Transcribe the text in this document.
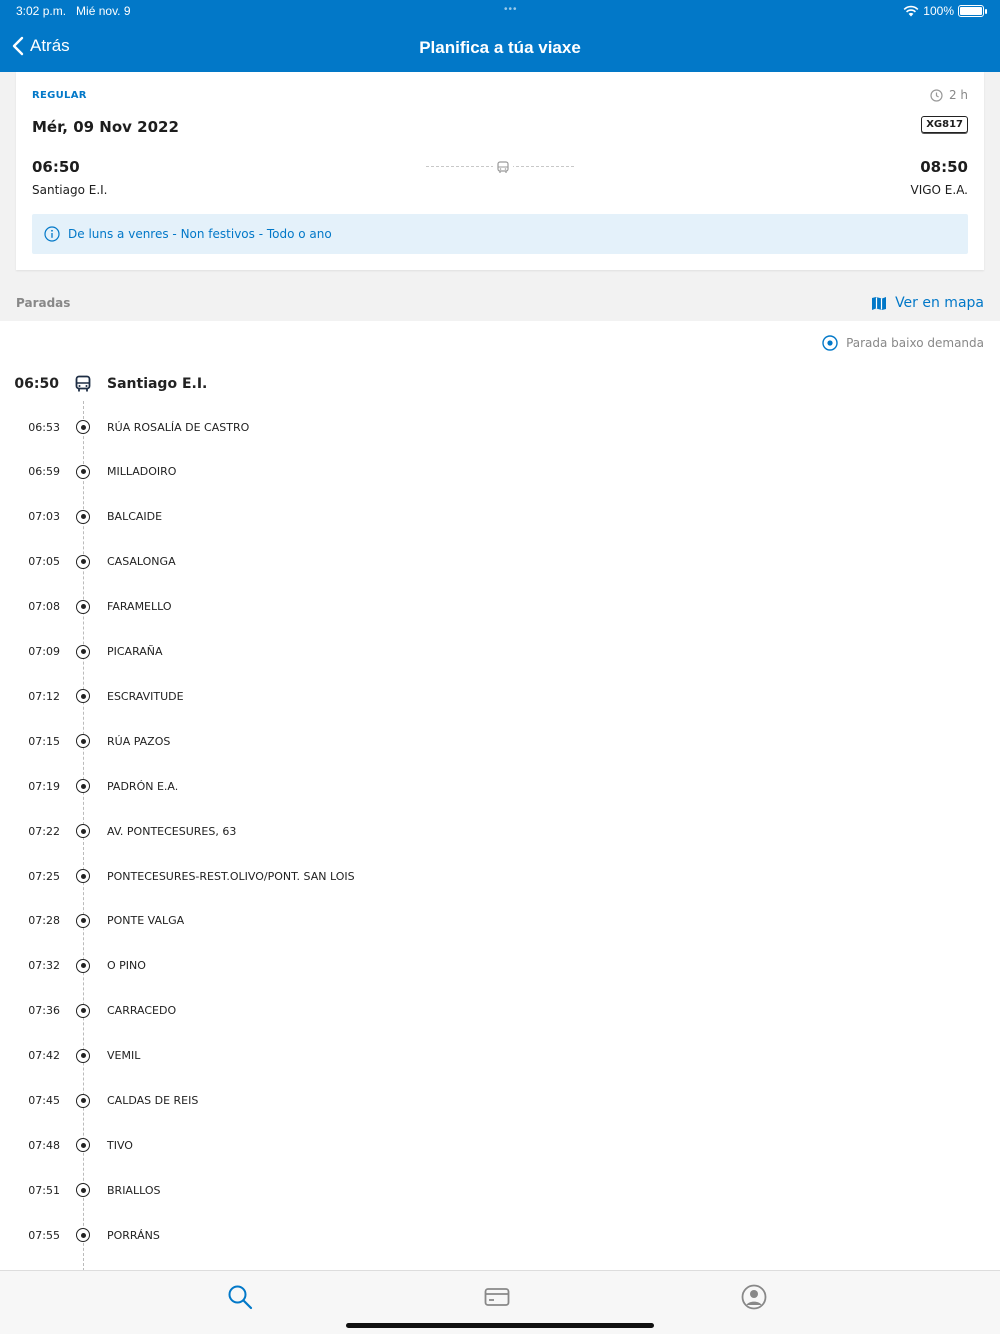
3:02 p.m. Mié nov. 9	•••	100%
Atrás	Planifica a túa viaxe
REGULAR	2 h
Mér, 09 Nov 2022	XG817
06:50	08:50
Santiago E.I.	VIGO E.A.
De luns a venres - Non festivos - Todo o ano
Paradas	Ver en mapa
Parada baixo demanda
06:50	Santiago E.I.
06:53	RÚA ROSALÍA DE CASTRO
06:59	MILLADOIRO
07:03	BALCAIDE
07:05	CASALONGA
07:08	FARAMELLO
07:09	PICARAÑA
07:12	ESCRAVITUDE
07:15	RÚA PAZOS
07:19	PADRÓN E.A.
07:22	AV. PONTECESURES, 63
07:25	PONTECESURES-REST.OLIVO/PONT. SAN LOIS
07:28	PONTE VALGA
07:32	O PINO
07:36	CARRACEDO
07:42	VEMIL
07:45	CALDAS DE REIS
07:48	TIVO
07:51	BRIALLOS
07:55	PORRÁNS
